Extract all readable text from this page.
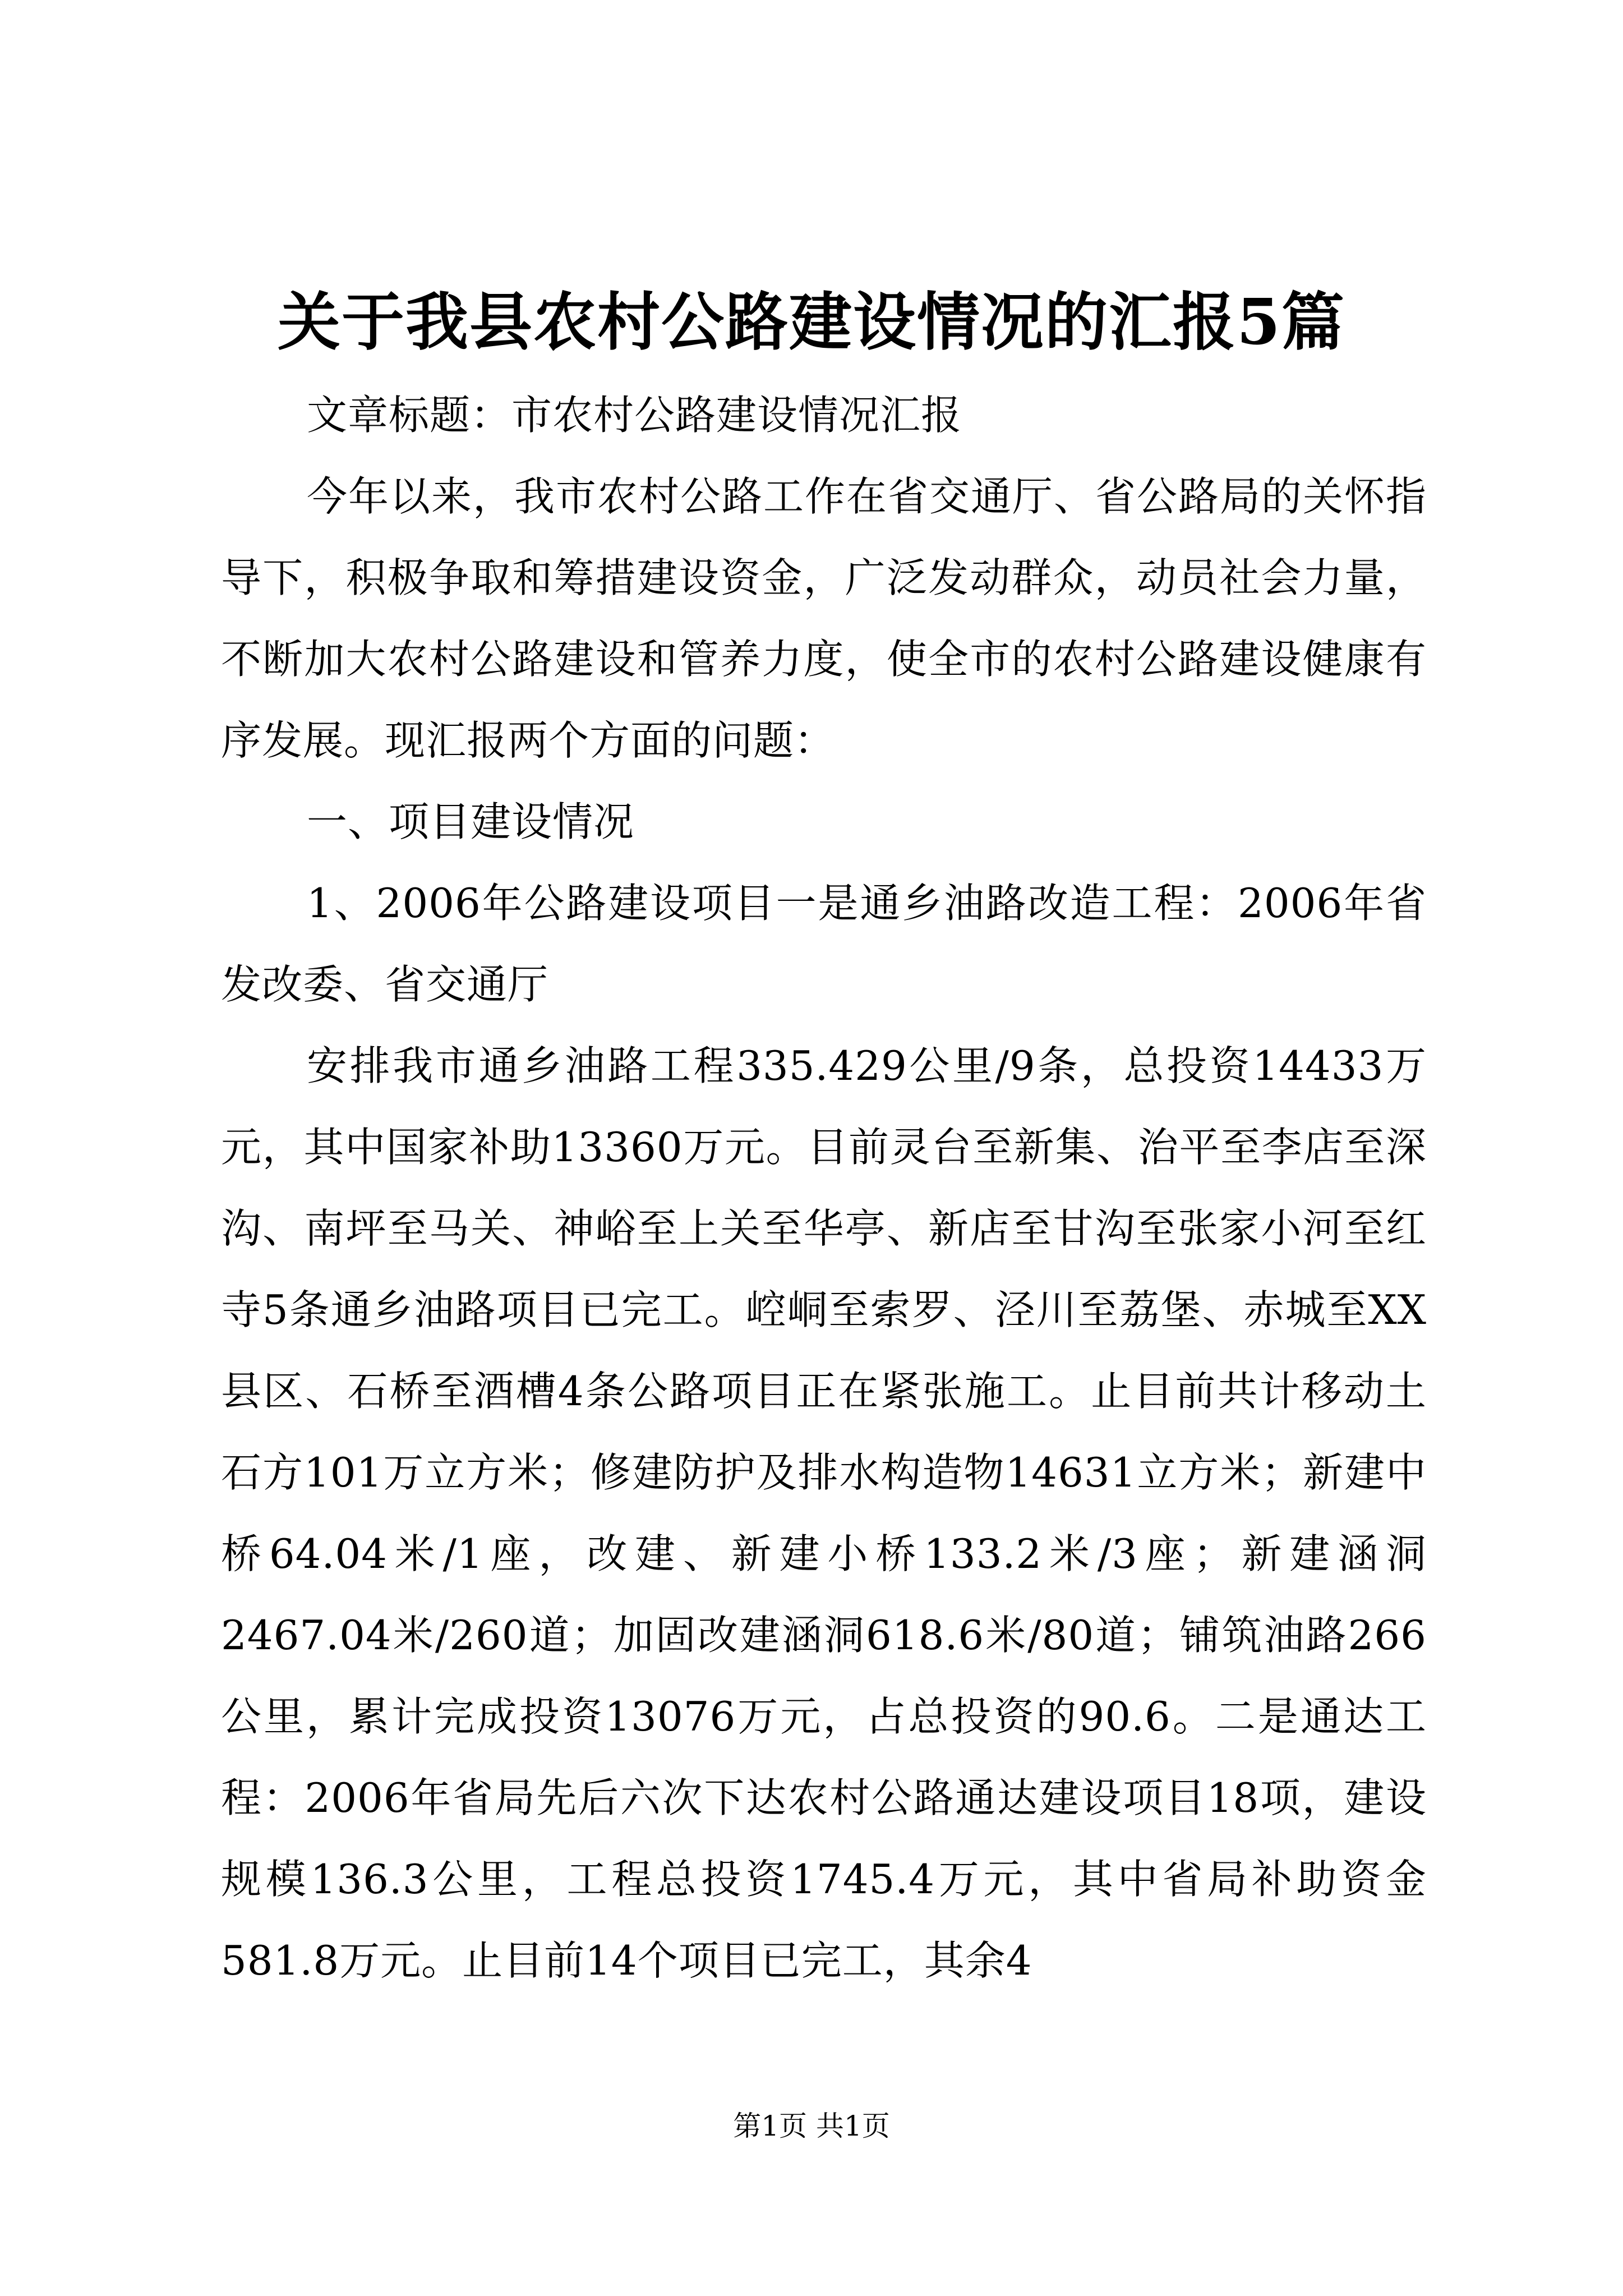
关于我县农村公路建设情况的汇报5篇

文章标题：市农村公路建设情况汇报

今年以来，我市农村公路工作在省交通厅、省公路局的关怀指导下，积极争取和筹措建设资金，广泛发动群众，动员社会力量，不断加大农村公路建设和管养力度，使全市的农村公路建设健康有序发展。现汇报两个方面的问题：

一、项目建设情况

1、2006年公路建设项目一是通乡油路改造工程：2006年省发改委、省交通厅

安排我市通乡油路工程335.429公里/9条，总投资14433万元，其中国家补助13360万元。目前灵台至新集、治平至李店至深沟、南坪至马关、神峪至上关至华亭、新店至甘沟至张家小河至红寺5条通乡油路项目已完工。崆峒至索罗、泾川至荔堡、赤城至XX县区、石桥至酒槽4条公路项目正在紧张施工。止目前共计移动土石方101万立方米；修建防护及排水构造物14631立方米；新建中桥64.04米/1座，改建、新建小桥133.2米/3座；新建涵洞2467.04米/260道；加固改建涵洞618.6米/80道；铺筑油路266公里，累计完成投资13076万元，占总投资的90.6。二是通达工程：2006年省局先后六次下达农村公路通达建设项目18项，建设规模136.3公里，工程总投资1745.4万元，其中省局补助资金581.8万元。止目前14个项目已完工，其余4

第1页 共1页
